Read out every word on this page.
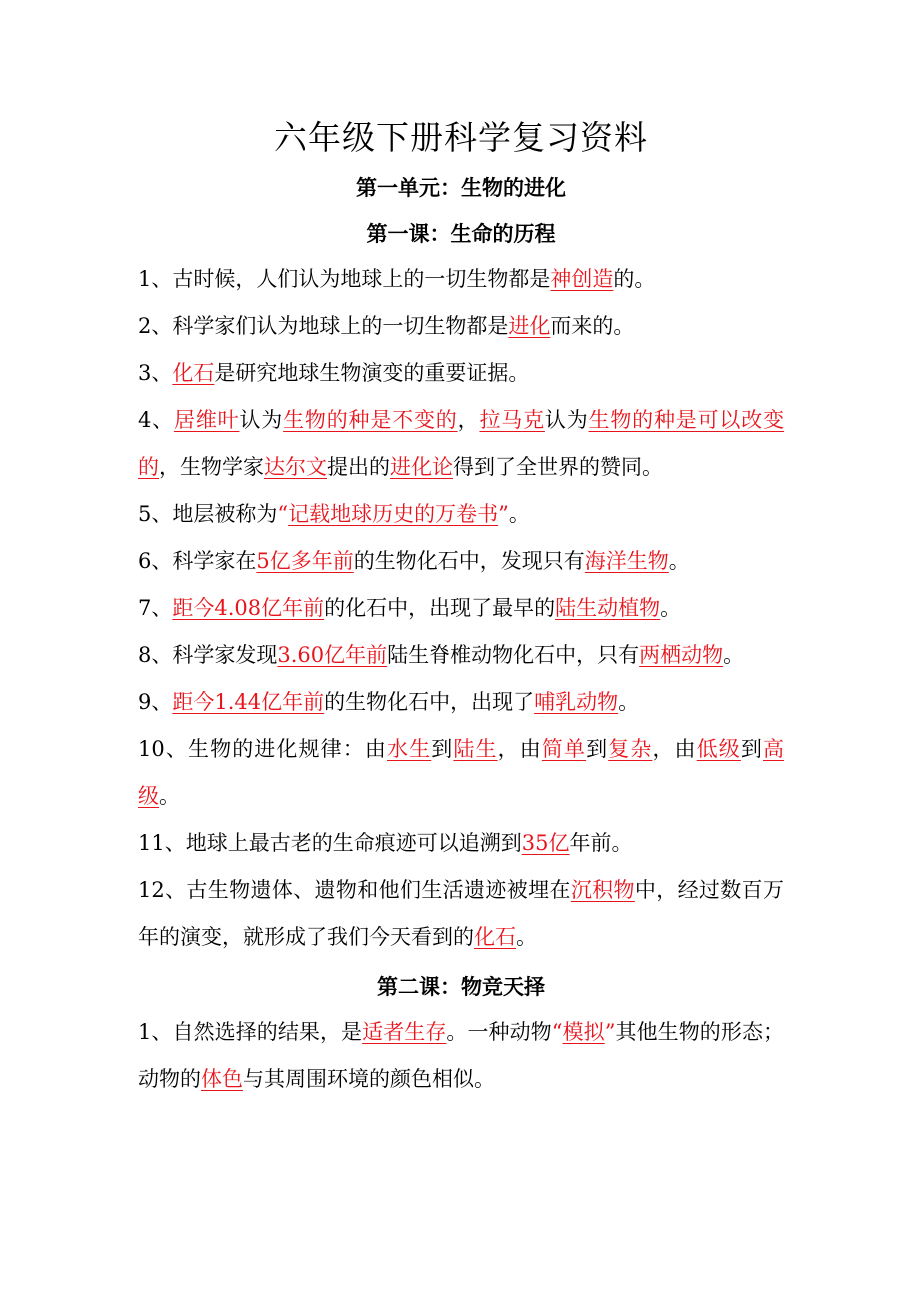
六年级下册科学复习资料
第一单元：生物的进化
第一课：生命的历程

1、古时候，人们认为地球上的一切生物都是神创造的。

2、科学家们认为地球上的一切生物都是进化而来的。

3、化石是研究地球生物演变的重要证据。

4、居维叶认为生物的种是不变的，拉马克认为生物的种是可以改变的，生物学家达尔文提出的进化论得到了全世界的赞同。

5、地层被称为“记载地球历史的万卷书”。

6、科学家在5亿多年前的生物化石中，发现只有海洋生物。

7、距今4.08亿年前的化石中，出现了最早的陆生动植物。

8、科学家发现3.60亿年前陆生脊椎动物化石中，只有两栖动物。

9、距今1.44亿年前的生物化石中，出现了哺乳动物。

10、生物的进化规律：由水生到陆生，由简单到复杂，由低级到高级。

11、地球上最古老的生命痕迹可以追溯到35亿年前。

12、古生物遗体、遗物和他们生活遗迹被埋在沉积物中，经过数百万年的演变，就形成了我们今天看到的化石。

第二课：物竞天择

1、自然选择的结果，是适者生存。一种动物“模拟”其他生物的形态；动物的体色与其周围环境的颜色相似。
